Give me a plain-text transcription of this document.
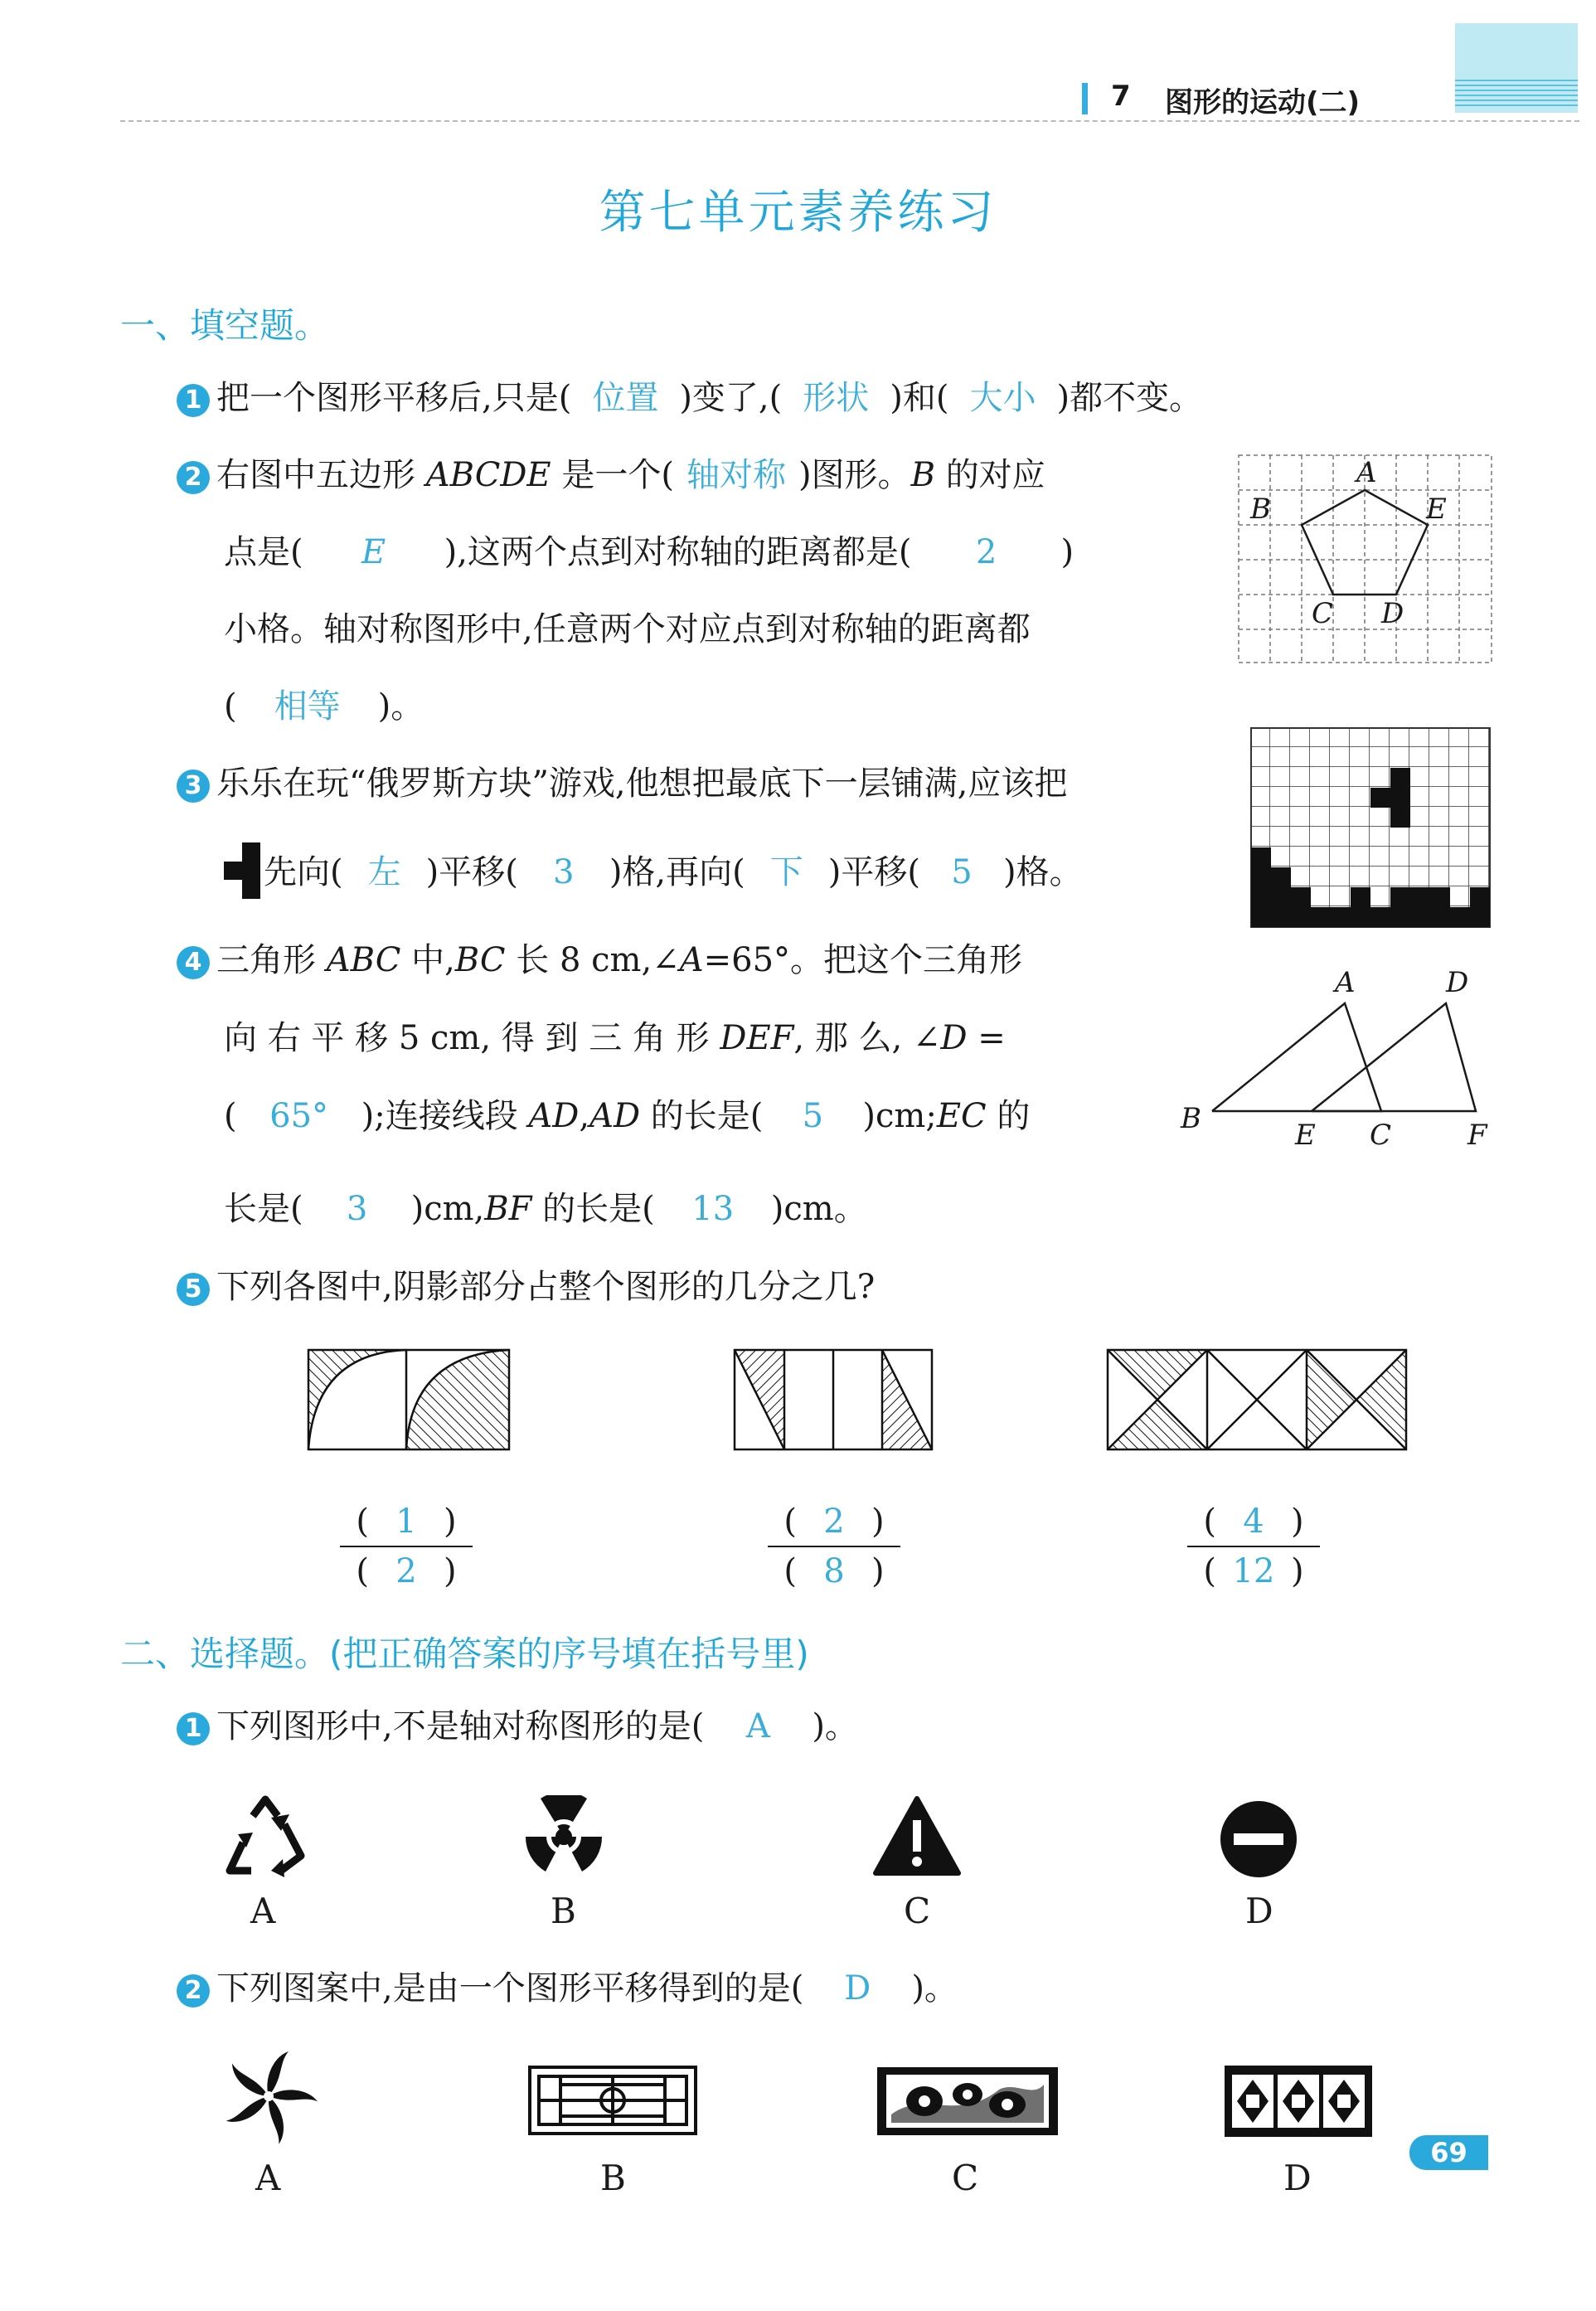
7 图形的运动(二)
第七单元素养练习
一、填空题。
1 把一个图形平移后,只是( 位置 )变了,( 形状 )和( 大小 )都不变。
2 右图中五边形 ABCDE 是一个( 轴对称 )图形。B 的对应
点是( E ),这两个点到对称轴的距离都是( 2 )
小格。轴对称图形中,任意两个对应点到对称轴的距离都
( 相等 )。
A
B
C D
E
3 乐乐在玩“俄罗斯方块”游戏,他想把最底下一层铺满,应该把
先向( 左 )平移( 3 )格,再向( 下 )平移( 5 )格。
4 三角形 ABC 中,BC 长 8 cm,∠A=65°。把这个三角形
向 右 平 移 5 cm, 得 到 三 角 形 DEF, 那 么, ∠D =
( 65° );连接线段 AD,AD 的长是( 5 )cm;EC 的
长是( 3 )cm,BF 的长是( 13 )cm。
A
B	C
D
E	F
5 下列各图中,阴影部分占整个图形的几分之几?
( 1 )
( 2 )
( 2 )
( 8 )
( 4 )
( 12 )
二、选择题。(把正确答案的序号填在括号里)
1 下列图形中,不是轴对称图形的是( A )。
A	B	C	D
2 下列图案中,是由一个图形平移得到的是( D )。
A	B	C	D
69
